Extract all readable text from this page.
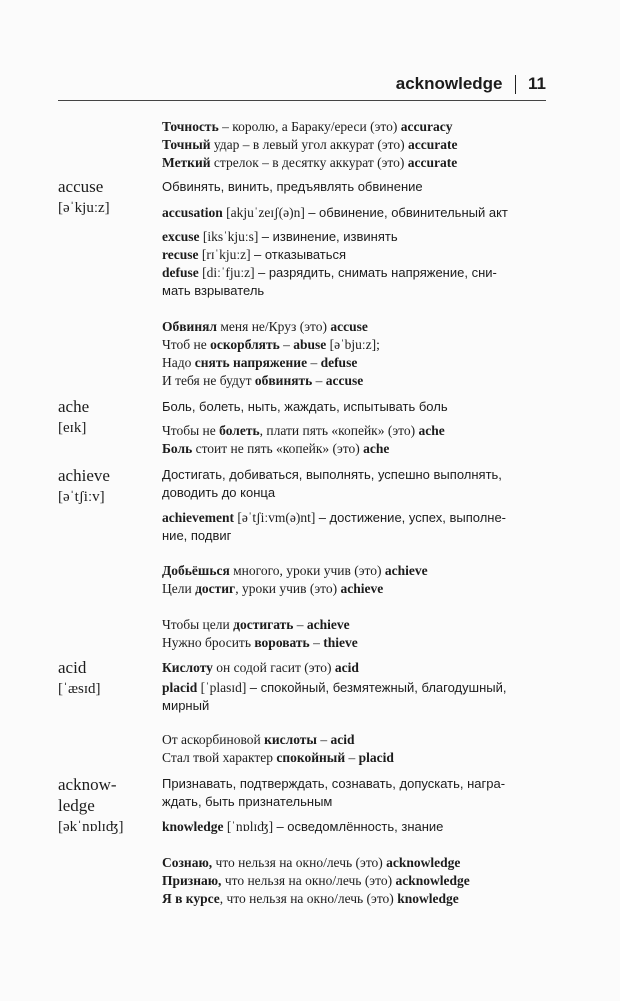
acknowledge 11
Точность – королю, а Бараку/ереси (это) accuracy
Точный удар – в левый угол аккурат (это) accurate
Меткий стрелок – в десятку аккурат (это) accurate
accuse
[əˈkjuːz]
Обвинять, винить, предъявлять обвинение
accusation [akjuˈzeɪʃ(ə)n] – обвинение, обвинительный акт
excuse [iksˈkjuːs] – извинение, извинять
recuse [rɪˈkjuːz] – отказываться
defuse [diːˈfjuːz] – разрядить, снимать напряжение, сни-
мать взрыватель
Обвинял меня не/Круз (это) accuse
Чтоб не оскорблять – abuse [əˈbjuːz];
Надо снять напряжение – defuse
И тебя не будут обвинять – accuse
ache
[eɪk]
Боль, болеть, ныть, жаждать, испытывать боль
Чтобы не болеть, плати пять «копейк» (это) ache
Боль стоит не пять «копейк» (это) ache
achieve
[əˈtʃiːv]
Достигать, добиваться, выполнять, успешно выполнять,
доводить до конца
achievement [əˈtʃiːvm(ə)nt] – достижение, успех, выполне-
ние, подвиг
Добьёшься многого, уроки учив (это) achieve
Цели достиг, уроки учив (это) achieve
Чтобы цели достигать – achieve
Нужно бросить воровать – thieve
acid
[ˈæsɪd]
Кислоту он содой гасит (это) acid
placid [ˈplasɪd] – спокойный, безмятежный, благодушный,
мирный
От аскорбиновой кислоты – acid
Стал твой характер спокойный – placid
acknow-
ledge
[əkˈnɒlɪʤ]
Признавать, подтверждать, сознавать, допускать, награ-
ждать, быть признательным
knowledge [ˈnɒlɪʤ] – осведомлённость, знание
Сознаю, что нельзя на окно/лечь (это) acknowledge
Признаю, что нельзя на окно/лечь (это) acknowledge
Я в курсе, что нельзя на окно/лечь (это) knowledge
